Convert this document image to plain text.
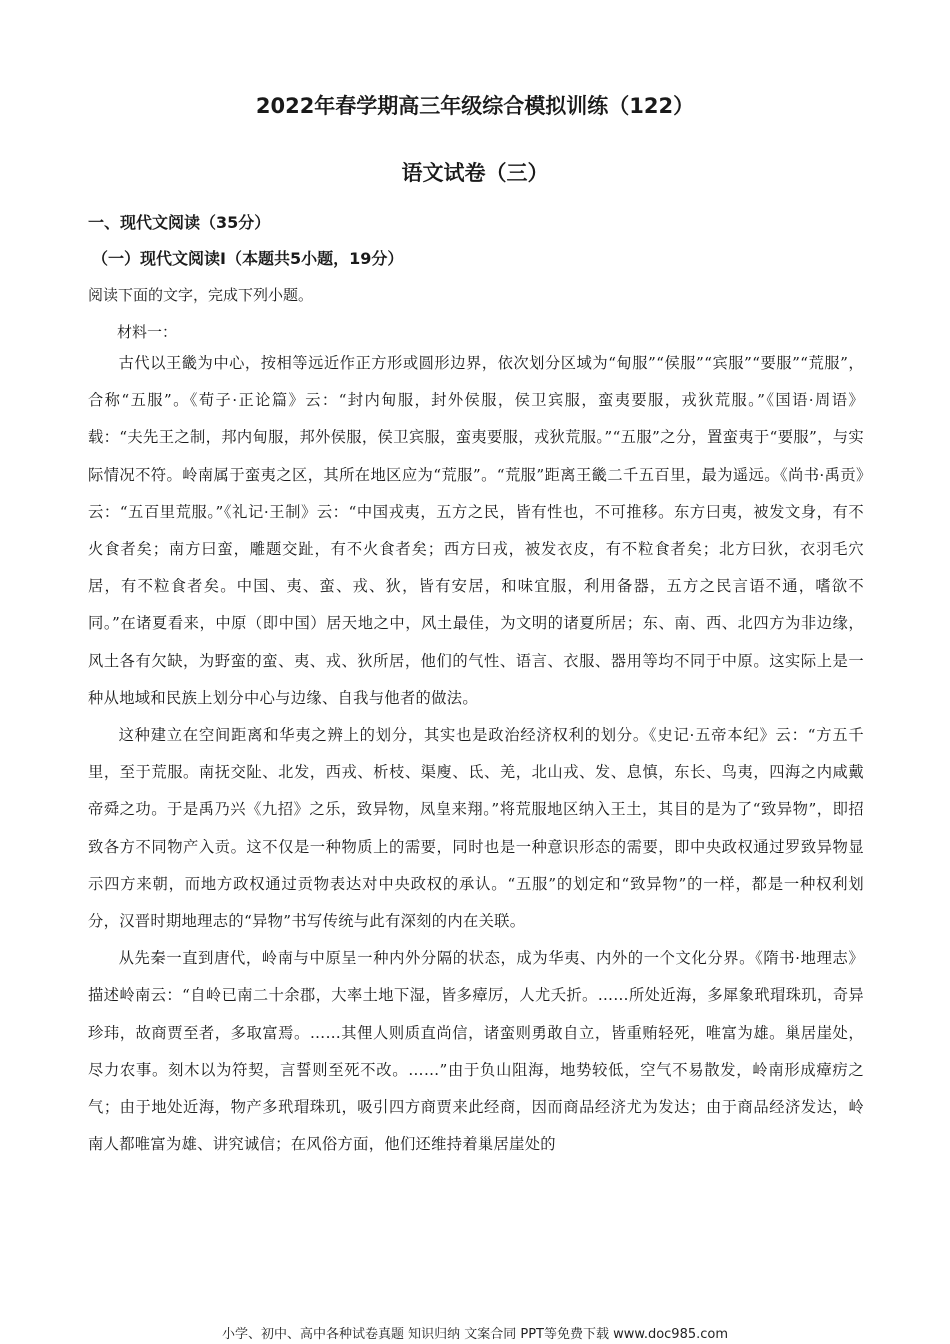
2022年春学期高三年级综合模拟训练（122）
语文试卷（三）
一、现代文阅读（35分）
（一）现代文阅读Ⅰ（本题共5小题，19分）

阅读下面的文字，完成下列小题。

材料一：

古代以王畿为中心，按相等远近作正方形或圆形边界，依次划分区域为“甸服”“侯服”“宾服”“要服”“荒服”，合称“五服”。《荀子·正论篇》云：“封内甸服，封外侯服，侯卫宾服，蛮夷要服，戎狄荒服。”《国语·周语》载：“夫先王之制，邦内甸服，邦外侯服，侯卫宾服，蛮夷要服，戎狄荒服。”“五服”之分，置蛮夷于“要服”，与实际情况不符。岭南属于蛮夷之区，其所在地区应为“荒服”。“荒服”距离王畿二千五百里，最为遥远。《尚书·禹贡》云：“五百里荒服。”《礼记·王制》云：“中国戎夷，五方之民，皆有性也，不可推移。东方曰夷，被发文身，有不火食者矣；南方曰蛮，雕题交趾，有不火食者矣；西方曰戎，被发衣皮，有不粒食者矣；北方曰狄，衣羽毛穴居，有不粒食者矣。中国、夷、蛮、戎、狄，皆有安居，和味宜服，利用备器，五方之民言语不通，嗜欲不同。”在诸夏看来，中原（即中国）居天地之中，风土最佳，为文明的诸夏所居；东、南、西、北四方为非边缘，风土各有欠缺，为野蛮的蛮、夷、戎、狄所居，他们的气性、语言、衣服、器用等均不同于中原。这实际上是一种从地域和民族上划分中心与边缘、自我与他者的做法。

这种建立在空间距离和华夷之辨上的划分，其实也是政治经济权利的划分。《史记·五帝本纪》云：“方五千里，至于荒服。南抚交阯、北发，西戎、析枝、渠廋、氐、羌，北山戎、发、息慎，东长、鸟夷，四海之内咸戴帝舜之功。于是禹乃兴《九招》之乐，致异物，凤皇来翔。”将荒服地区纳入王土，其目的是为了“致异物”，即招致各方不同物产入贡。这不仅是一种物质上的需要，同时也是一种意识形态的需要，即中央政权通过罗致异物显示四方来朝，而地方政权通过贡物表达对中央政权的承认。“五服”的划定和“致异物”的一样，都是一种权利划分，汉晋时期地理志的“异物”书写传统与此有深刻的内在关联。

从先秦一直到唐代，岭南与中原呈一种内外分隔的状态，成为华夷、内外的一个文化分界。《隋书·地理志》描述岭南云：“自岭已南二十余郡，大率土地下湿，皆多瘴厉，人尤夭折。……所处近海，多犀象玳瑁珠玑，奇异珍玮，故商贾至者，多取富焉。……其俚人则质直尚信，诸蛮则勇敢自立，皆重贿轻死，唯富为雄。巢居崖处，尽力农事。刻木以为符契，言誓则至死不改。……”由于负山阻海，地势较低，空气不易散发，岭南形成瘴疠之气；由于地处近海，物产多玳瑁珠玑，吸引四方商贾来此经商，因而商品经济尤为发达；由于商品经济发达，岭南人都唯富为雄、讲究诚信；在风俗方面，他们还维持着巢居崖处的

小学、初中、高中各种试卷真题 知识归纳 文案合同 PPT等免费下载 www.doc985.com
